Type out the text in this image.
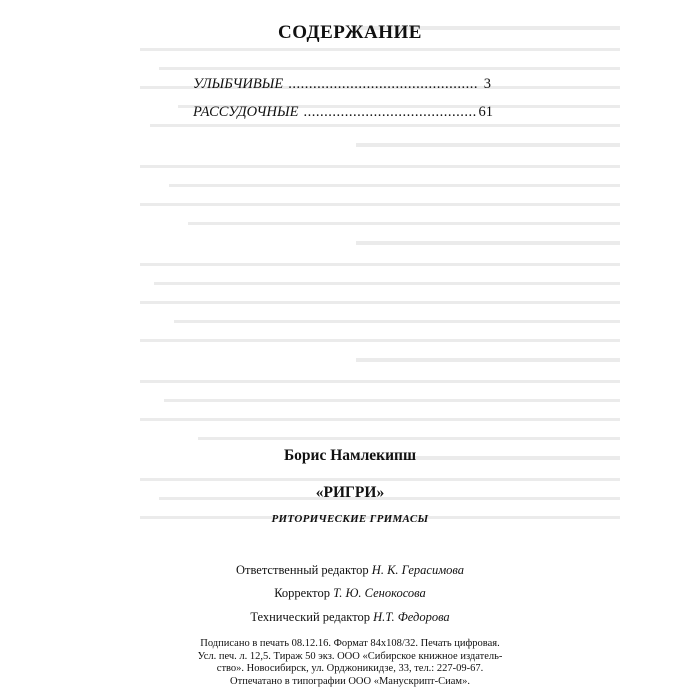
СОДЕРЖАНИЕ
УЛЫБЧИВЫЕ .....	3
РАССУДОЧНЫЕ .....	61
Борис Намлекипш
«РИГРИ»
РИТОРИЧЕСКИЕ ГРИМАСЫ
Ответственный редактор Н. К. Герасимова
Корректор Т. Ю. Сенокосова
Технический редактор Н.Т. Федорова
Подписано в печать 08.12.16. Формат 84х108/32. Печать цифровая.
Усл. печ. л. 12,5. Тираж 50 экз. ООО «Сибирское книжное издатель-
ство». Новосибирск, ул. Орджоникидзе, 33, тел.: 227-09-67.
Отпечатано в типографии ООО «Манускрипт-Сиам».
